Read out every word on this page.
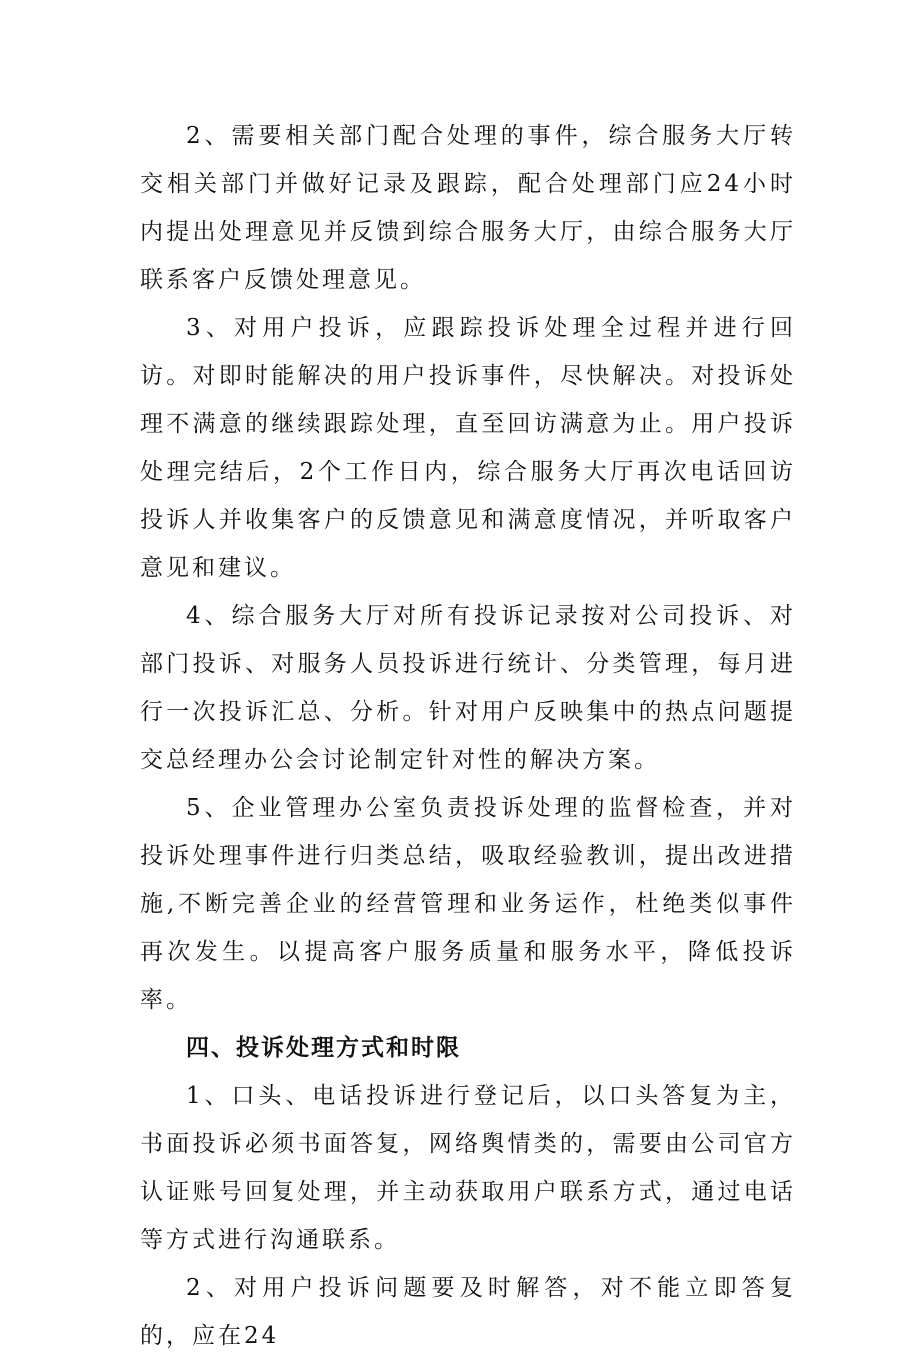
2、需要相关部门配合处理的事件，综合服务大厅转交相关部门并做好记录及跟踪，配合处理部门应24小时内提出处理意见并反馈到综合服务大厅，由综合服务大厅联系客户反馈处理意见。

3、对用户投诉，应跟踪投诉处理全过程并进行回访。对即时能解决的用户投诉事件，尽快解决。对投诉处理不满意的继续跟踪处理，直至回访满意为止。用户投诉处理完结后，2个工作日内，综合服务大厅再次电话回访投诉人并收集客户的反馈意见和满意度情况，并听取客户意见和建议。

4、综合服务大厅对所有投诉记录按对公司投诉、对部门投诉、对服务人员投诉进行统计、分类管理，每月进行一次投诉汇总、分析。针对用户反映集中的热点问题提交总经理办公会讨论制定针对性的解决方案。

5、企业管理办公室负责投诉处理的监督检查，并对投诉处理事件进行归类总结，吸取经验教训，提出改进措施,不断完善企业的经营管理和业务运作，杜绝类似事件再次发生。以提高客户服务质量和服务水平，降低投诉率。

四、投诉处理方式和时限

1、口头、电话投诉进行登记后，以口头答复为主，书面投诉必须书面答复，网络舆情类的，需要由公司官方认证账号回复处理，并主动获取用户联系方式，通过电话等方式进行沟通联系。

2、对用户投诉问题要及时解答，对不能立即答复的，应在24
